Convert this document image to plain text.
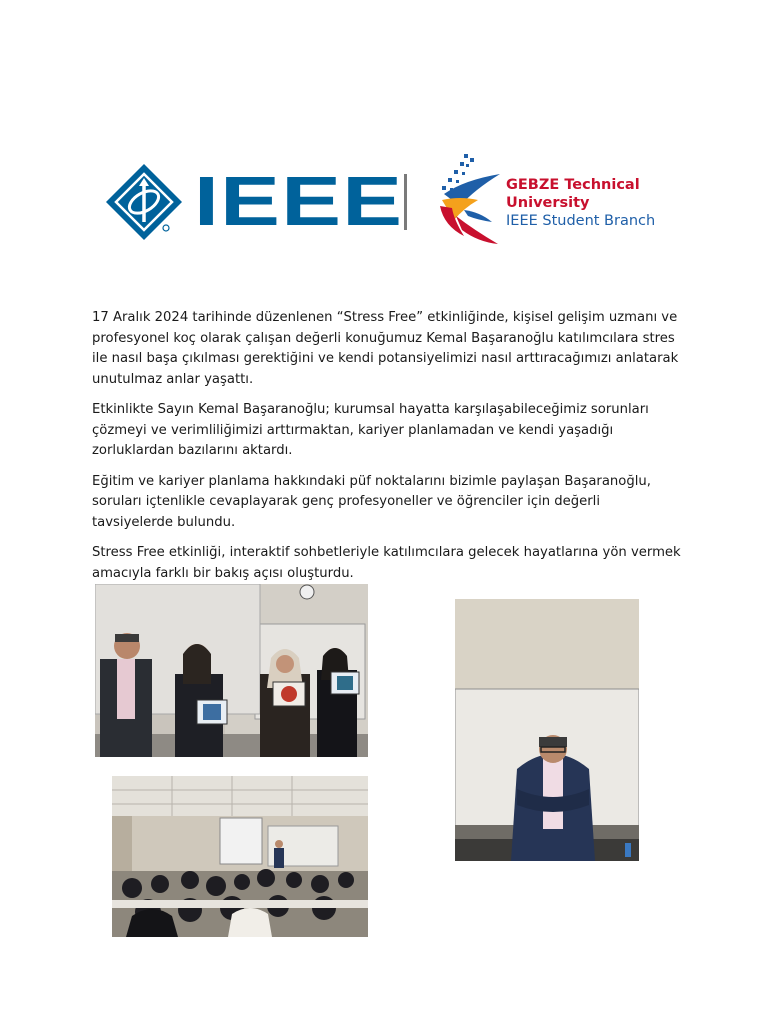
IEEE	GEBZE Technical
University
IEEE Student Branch

17 Aralık 2024 tarihinde düzenlenen “Stress Free” etkinliğinde, kişisel gelişim uzmanı ve profesyonel koç olarak çalışan değerli konuğumuz Kemal Başaranoğlu katılımcılara stres ile nasıl başa çıkılması gerektiğini ve kendi potansiyelimizi nasıl arttıracağımızı anlatarak unutulmaz anlar yaşattı.

Etkinlikte Sayın Kemal Başaranoğlu; kurumsal hayatta karşılaşabileceğimiz sorunları çözmeyi ve verimliliğimizi arttırmaktan, kariyer planlamadan ve kendi yaşadığı zorluklardan bazılarını aktardı.

Eğitim ve kariyer planlama hakkındaki püf noktalarını bizimle paylaşan Başaranoğlu, soruları içtenlikle cevaplayarak genç profesyoneller ve öğrenciler için değerli tavsiyelerde bulundu.

Stress Free etkinliği, interaktif sohbetleriyle katılımcılara gelecek hayatlarına yön vermek amacıyla farklı bir bakış açısı oluşturdu.
